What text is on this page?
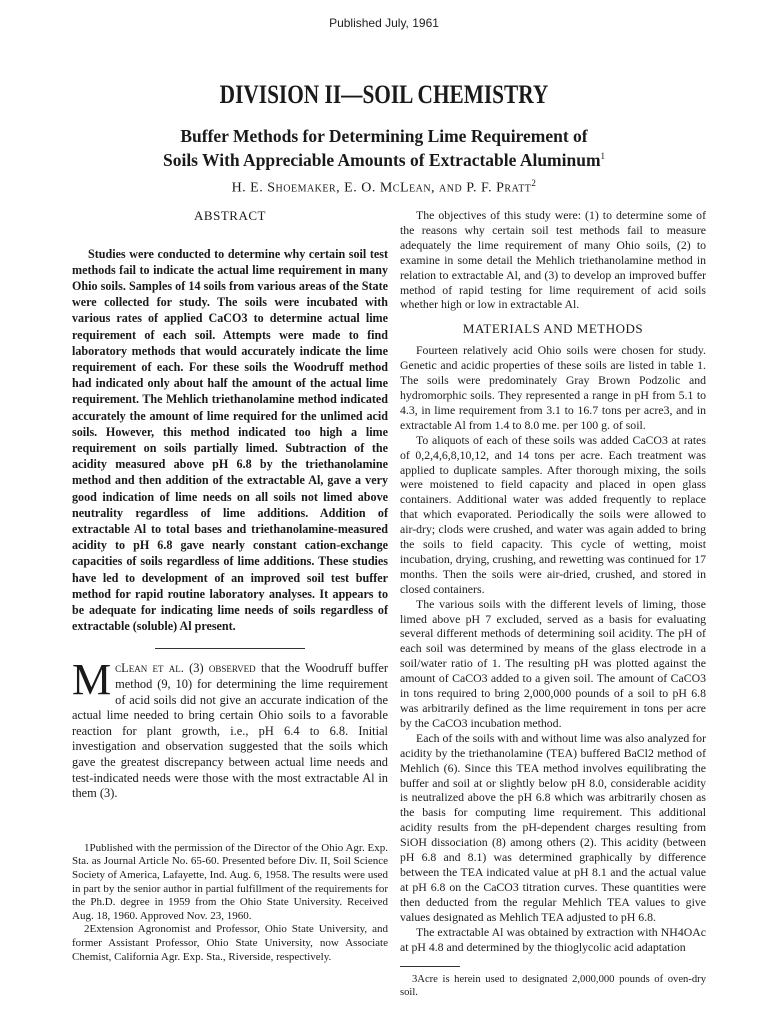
Published July, 1961
DIVISION II—SOIL CHEMISTRY
Buffer Methods for Determining Lime Requirement of
Soils With Appreciable Amounts of Extractable Aluminum$^1$
H. E. Shoemaker, E. O. McLean, and P. F. Pratt$^2$
ABSTRACT

Studies were conducted to determine why certain soil test methods fail to indicate the actual lime requirement in many Ohio soils. Samples of 14 soils from various areas of the State were collected for study. The soils were incubated with various rates of applied CaCO3 to determine actual lime requirement of each soil. Attempts were made to find laboratory methods that would accurately indicate the lime requirement of each. For these soils the Woodruff method had indicated only about half the amount of the actual lime requirement. The Mehlich triethanolamine method indicated accurately the amount of lime required for the unlimed acid soils. However, this method indicated too high a lime requirement on soils partially limed. Subtraction of the acidity measured above pH 6.8 by the triethanolamine method and then addition of the extractable Al, gave a very good indication of lime needs on all soils not limed above neutrality regardless of lime additions. Addition of extractable Al to total bases and triethanolamine-measured acidity to pH 6.8 gave nearly constant cation-exchange capacities of soils regardless of lime additions. These studies have led to development of an improved soil test buffer method for rapid routine laboratory analyses. It appears to be adequate for indicating lime needs of soils regardless of extractable (soluble) Al present.

M cLean et al. (3) observed that the Woodruff buffer method (9, 10) for determining the lime requirement of acid soils did not give an accurate indication of the actual lime needed to bring certain Ohio soils to a favorable reaction for plant growth, i.e., pH 6.4 to 6.8. Initial investigation and observation suggested that the soils which gave the greatest discrepancy between actual lime needs and test-indicated needs were those with the most extractable Al in them (3).

1Published with the permission of the Director of the Ohio Agr. Exp. Sta. as Journal Article No. 65-60. Presented before Div. II, Soil Science Society of America, Lafayette, Ind. Aug. 6, 1958. The results were used in part by the senior author in partial fulfillment of the requirements for the Ph.D. degree in 1959 from the Ohio State University. Received Aug. 18, 1960. Approved Nov. 23, 1960.

2Extension Agronomist and Professor, Ohio State University, and former Assistant Professor, Ohio State University, now Associate Chemist, California Agr. Exp. Sta., Riverside, respectively.

The objectives of this study were: (1) to determine some of the reasons why certain soil test methods fail to measure adequately the lime requirement of many Ohio soils, (2) to examine in some detail the Mehlich triethanolamine method in relation to extractable Al, and (3) to develop an improved buffer method of rapid testing for lime requirement of acid soils whether high or low in extractable Al.

MATERIALS AND METHODS

Fourteen relatively acid Ohio soils were chosen for study. Genetic and acidic properties of these soils are listed in table 1. The soils were predominately Gray Brown Podzolic and hydromorphic soils. They represented a range in pH from 5.1 to 4.3, in lime requirement from 3.1 to 16.7 tons per acre3, and in extractable Al from 1.4 to 8.0 me. per 100 g. of soil.

To aliquots of each of these soils was added CaCO3 at rates of 0,2,4,6,8,10,12, and 14 tons per acre. Each treatment was applied to duplicate samples. After thorough mixing, the soils were moistened to field capacity and placed in open glass containers. Additional water was added frequently to replace that which evaporated. Periodically the soils were allowed to air-dry; clods were crushed, and water was again added to bring the soils to field capacity. This cycle of wetting, moist incubation, drying, crushing, and rewetting was continued for 17 months. Then the soils were air-dried, crushed, and stored in closed containers.

The various soils with the different levels of liming, those limed above pH 7 excluded, served as a basis for evaluating several different methods of determining soil acidity. The pH of each soil was determined by means of the glass electrode in a soil/water ratio of 1. The resulting pH was plotted against the amount of CaCO3 added to a given soil. The amount of CaCO3 in tons required to bring 2,000,000 pounds of a soil to pH 6.8 was arbitrarily defined as the lime requirement in tons per acre by the CaCO3 incubation method.

Each of the soils with and without lime was also analyzed for acidity by the triethanolamine (TEA) buffered BaCl2 method of Mehlich (6). Since this TEA method involves equilibrating the buffer and soil at or slightly below pH 8.0, considerable acidity is neutralized above the pH 6.8 which was arbitrarily chosen as the basis for computing lime requirement. This additional acidity results from the pH-dependent charges resulting from SiOH dissociation (8) among others (2). This acidity (between pH 6.8 and 8.1) was determined graphically by difference between the TEA indicated value at pH 8.1 and the actual value at pH 6.8 on the CaCO3 titration curves. These quantities were then deducted from the regular Mehlich TEA values to give values designated as Mehlich TEA adjusted to pH 6.8.

The extractable Al was obtained by extraction with NH4OAc at pH 4.8 and determined by the thioglycolic acid adaptation

3Acre is herein used to designated 2,000,000 pounds of oven-dry soil.
